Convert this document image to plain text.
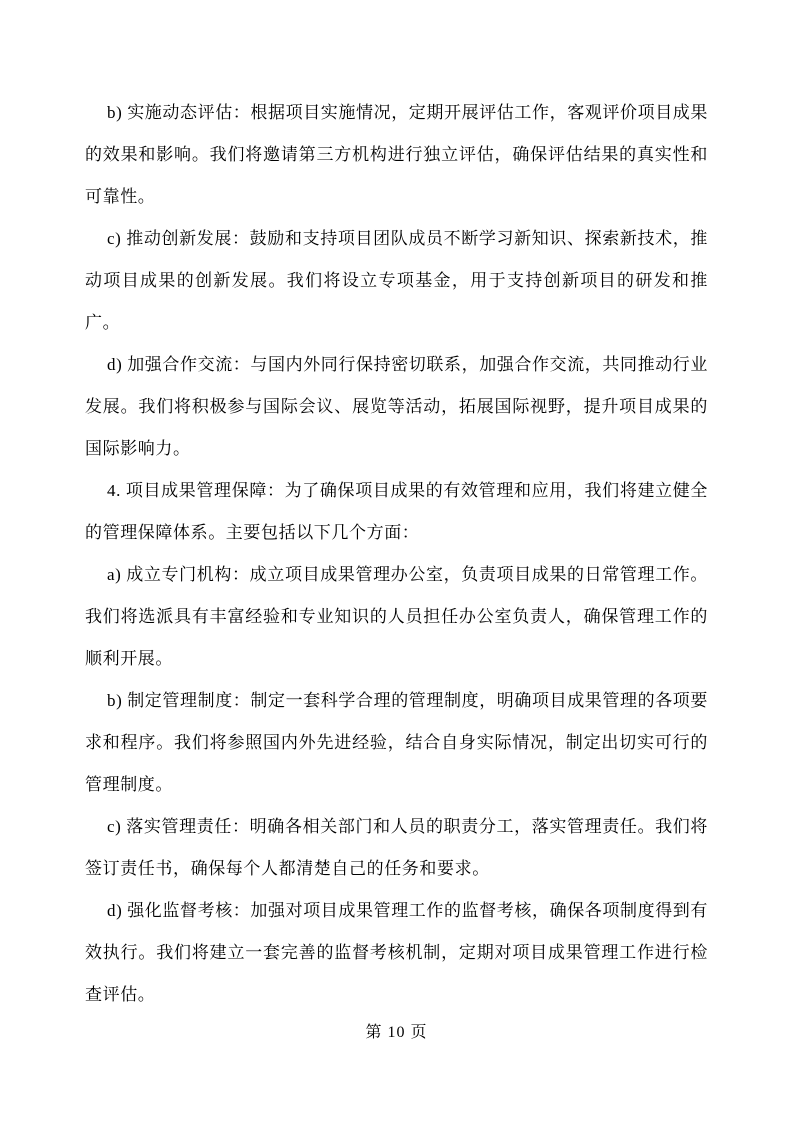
b) 实施动态评估：根据项目实施情况，定期开展评估工作，客观评价项目成果的效果和影响。我们将邀请第三方机构进行独立评估，确保评估结果的真实性和可靠性。

c) 推动创新发展：鼓励和支持项目团队成员不断学习新知识、探索新技术，推动项目成果的创新发展。我们将设立专项基金，用于支持创新项目的研发和推广。

d) 加强合作交流：与国内外同行保持密切联系，加强合作交流，共同推动行业发展。我们将积极参与国际会议、展览等活动，拓展国际视野，提升项目成果的国际影响力。

4. 项目成果管理保障：为了确保项目成果的有效管理和应用，我们将建立健全的管理保障体系。主要包括以下几个方面：

a) 成立专门机构：成立项目成果管理办公室，负责项目成果的日常管理工作。我们将选派具有丰富经验和专业知识的人员担任办公室负责人，确保管理工作的顺利开展。

b) 制定管理制度：制定一套科学合理的管理制度，明确项目成果管理的各项要求和程序。我们将参照国内外先进经验，结合自身实际情况，制定出切实可行的管理制度。

c) 落实管理责任：明确各相关部门和人员的职责分工，落实管理责任。我们将签订责任书，确保每个人都清楚自己的任务和要求。

d) 强化监督考核：加强对项目成果管理工作的监督考核，确保各项制度得到有效执行。我们将建立一套完善的监督考核机制，定期对项目成果管理工作进行检查评估。

第 10 页
